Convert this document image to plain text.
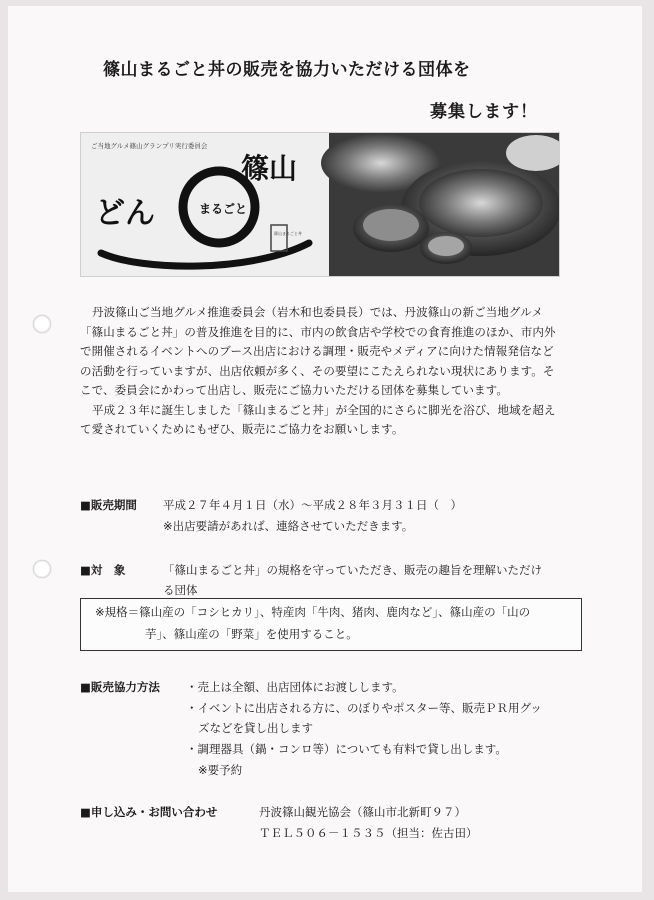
篠山まるごと丼の販売を協力いただける団体を
募集します！
ご当地グルメ篠山グランプリ実行委員会
篠山
まるごと
どん
篠山まるごと丼

丹波篠山ご当地グルメ推進委員会（岩木和也委員長）では、丹波篠山の新ご当地グルメ「篠山まるごと丼」の普及推進を目的に、市内の飲食店や学校での食育推進のほか、市内外で開催されるイベントへのブース出店における調理・販売やメディアに向けた情報発信などの活動を行っていますが、出店依頼が多く、その要望にこたえられない現状にあります。そこで、委員会にかわって出店し、販売にご協力いただける団体を募集しています。

平成２３年に誕生しました「篠山まるごと丼」が全国的にさらに脚光を浴び、地域を超えて愛されていくためにもぜひ、販売にご協力をお願いします。

■販売期間 平成２７年４月１日（水）～平成２８年３月３１日（　）
※出店要請があれば、連絡させていただきます。
■対　象	「篠山まるごと丼」の規格を守っていただき、販売の趣旨を理解いただけ
る団体
※規格＝篠山産の「コシヒカリ」、特産肉「牛肉、猪肉、鹿肉など」、篠山産の「山の
芋」、篠山産の「野菜」を使用すること。
■販売協力方法 ・売上は全額、出店団体にお渡しします。
・イベントに出店される方に、のぼりやポスター等、販売ＰＲ用グッ
ズなどを貸し出します
・調理器具（鍋・コンロ等）についても有料で貸し出します。
※要予約
■申し込み・お問い合わせ	丹波篠山観光協会（篠山市北新町９７）
ＴＥＬ５０６－１５３５（担当：佐古田）
